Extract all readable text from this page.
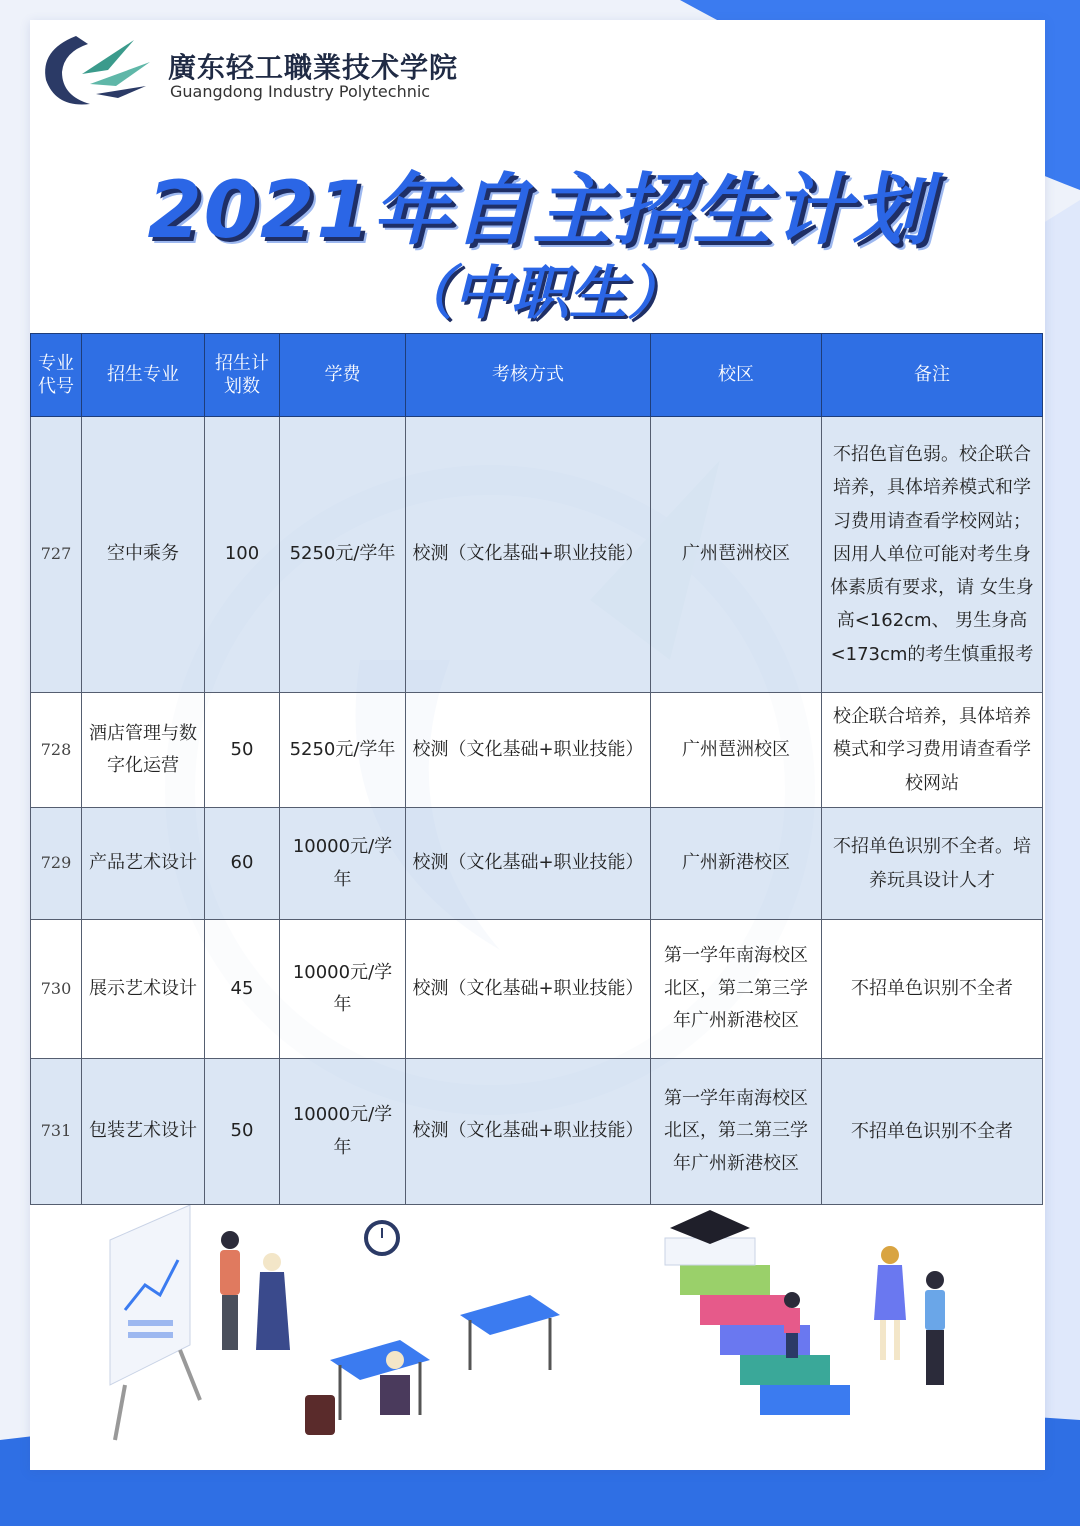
廣东轻工職業技术学院
Guangdong Industry Polytechnic
2021年自主招生计划
（中职生）
专业代号	招生专业	招生计划数	学费	考核方式	校区	备注
727	空中乘务	100	5250元/学年	校测（文化基础+职业技能）	广州琶洲校区	不招色盲色弱。校企联合培养，具体培养模式和学习费用请查看学校网站；因用人单位可能对考生身体素质有要求，请 女生身高<162cm、 男生身高<173cm的考生慎重报考
728	酒店管理与数字化运营	50	5250元/学年	校测（文化基础+职业技能）	广州琶洲校区	校企联合培养，具体培养模式和学习费用请查看学校网站
729	产品艺术设计	60	10000元/学年	校测（文化基础+职业技能）	广州新港校区	不招单色识别不全者。培养玩具设计人才
730	展示艺术设计	45	10000元/学年	校测（文化基础+职业技能）	第一学年南海校区北区，第二第三学年广州新港校区	不招单色识别不全者
731	包装艺术设计	50	10000元/学年	校测（文化基础+职业技能）	第一学年南海校区北区，第二第三学年广州新港校区	不招单色识别不全者
